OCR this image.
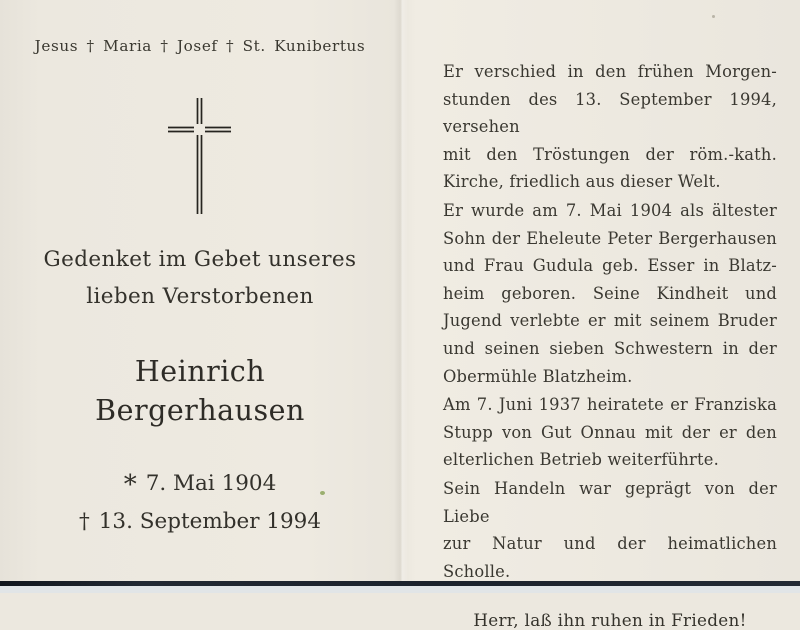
Jesus † Maria † Josef † St. Kunibertus
Gedenket im Gebet unseres
lieben Verstorbenen
Heinrich
Bergerhausen
* 7. Mai 1904
† 13. September 1994
Er verschied in den frühen Morgen-
stunden des 13. September 1994, versehen
mit den Tröstungen der röm.-kath.
Kirche, friedlich aus dieser Welt.
Er wurde am 7. Mai 1904 als ältester
Sohn der Eheleute Peter Bergerhausen
und Frau Gudula geb. Esser in Blatz-
heim geboren. Seine Kindheit und
Jugend verlebte er mit seinem Bruder
und seinen sieben Schwestern in der
Obermühle Blatzheim.
Am 7. Juni 1937 heiratete er Franziska
Stupp von Gut Onnau mit der er den
elterlichen Betrieb weiterführte.
Sein Handeln war geprägt von der Liebe
zur Natur und der heimatlichen Scholle.
Herr, laß ihn ruhen in Frieden!
